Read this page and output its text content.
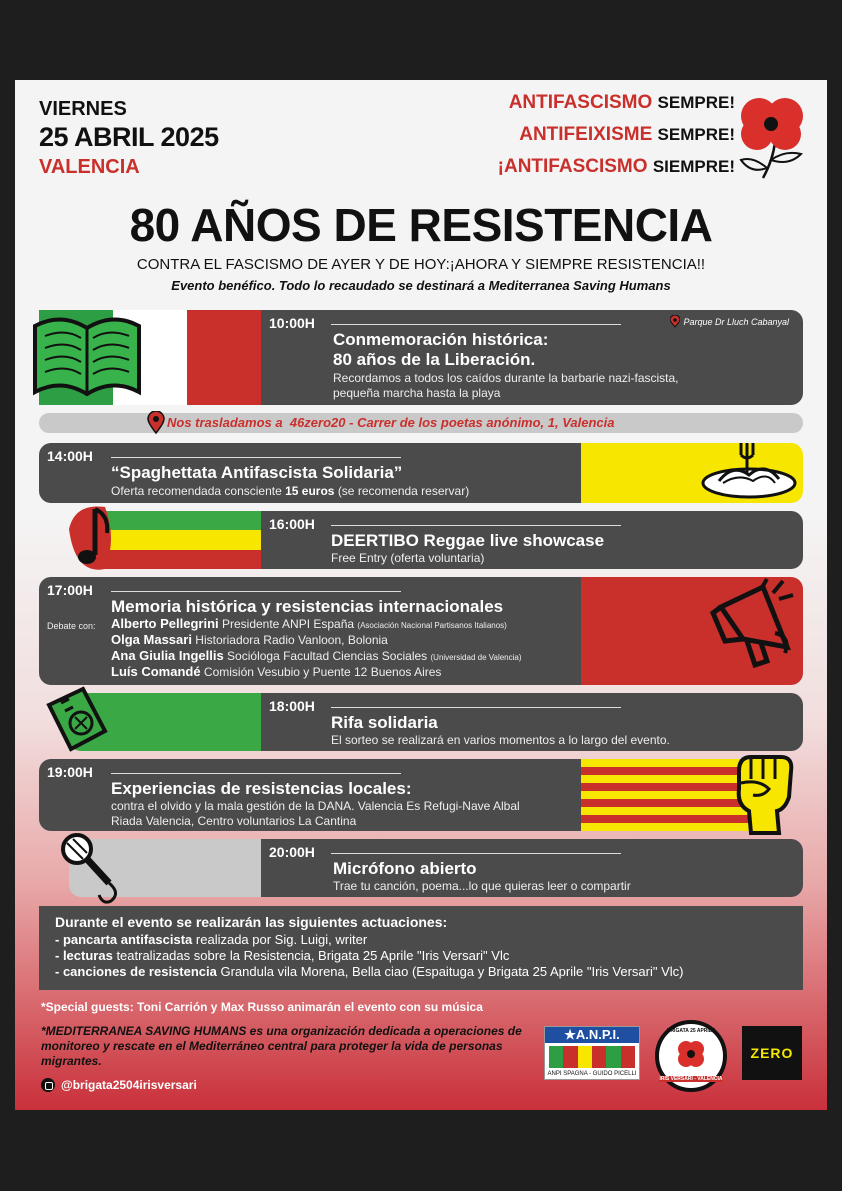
VIERNES
25 ABRIL 2025
VALENCIA
ANTIFASCISMO SEMPRE!
ANTIFEIXISME SEMPRE!
¡ANTIFASCISMO SIEMPRE!
80 AÑOS DE RESISTENCIA
CONTRA EL FASCISMO DE AYER Y DE HOY:¡AHORA Y SIEMPRE RESISTENCIA!!
Evento benéfico. Todo lo recaudado se destinará a Mediterranea Saving Humans
10:00H	Parque Dr Lluch Cabanyal
Conmemoración histórica:
80 años de la Liberación.
Recordamos a todos los caídos durante la barbarie nazi-fascista,
pequeña marcha hasta la playa
Nos trasladamos a 46zero20 - Carrer de los poetas anónimo, 1, Valencia
14:00H
“Spaghettata Antifascista Solidaria”
Oferta recomendada consciente 15 euros (se recomenda reservar)
16:00H
DEERTIBO Reggae live showcase
Free Entry (oferta voluntaria)
17:00H
Memoria histórica y resistencias internacionales
Debate con: Alberto Pellegrini Presidente ANPI España (Asociación Nacional Partisanos Italianos)
Olga Massari Historiadora Radio Vanloon, Bolonia
Ana Giulia Ingellis Socióloga Facultad Ciencias Sociales (Universidad de Valencia)
Luís Comandé Comisión Vesubio y Puente 12 Buenos Aires
18:00H
Rifa solidaria
El sorteo se realizará en varios momentos a lo largo del evento.
19:00H
Experiencias de resistencias locales:
contra el olvido y la mala gestión de la DANA. Valencia Es Refugi-Nave Albal
Riada Valencia, Centro voluntarios La Cantina
20:00H
Micrófono abierto
Trae tu canción, poema...lo que quieras leer o compartir
Durante el evento se realizarán las siguientes actuaciones:
- pancarta antifascista realizada por Sig. Luigi, writer
- lecturas teatralizadas sobre la Resistencia, Brigata 25 Aprile "Iris Versari" Vlc
- canciones de resistencia Grandula vila Morena, Bella ciao (Espaituga y Brigata 25 Aprile "Iris Versari" Vlc)
*Special guests: Toni Carrión y Max Russo animarán el evento con su música
*MEDITERRANEA SAVING HUMANS es una organización dedicada a operaciones de monitoreo y rescate en el Mediterráneo central para proteger la vida de personas migrantes.
@brigata2504irisversari
★A.N.P.I.
ANPI SPAGNA - GUIDO PICELLI
BRIGATA 25 APRILE
IRIS VERSARI - VALENCIA
ZERO
